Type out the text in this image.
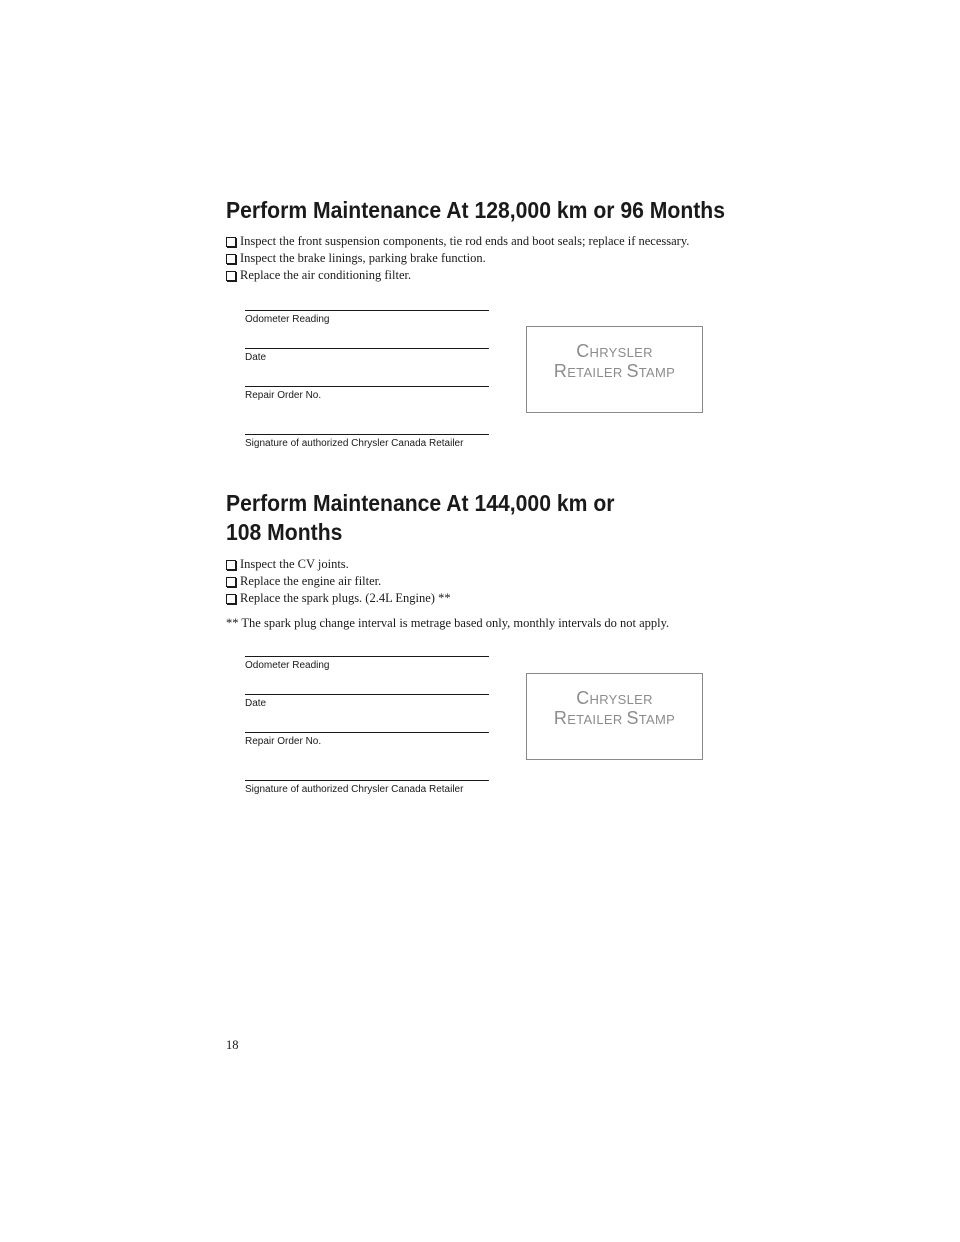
Perform Maintenance At 128,000 km or 96 Months
Inspect the front suspension components, tie rod ends and boot seals; replace if necessary.
Inspect the brake linings, parking brake function.
Replace the air conditioning filter.
Odometer Reading
Date
Repair Order No.
Signature of authorized Chrysler Canada Retailer
CHRYSLER
RETAILER STAMP
Perform Maintenance At 144,000 km or
108 Months
Inspect the CV joints.
Replace the engine air filter.
Replace the spark plugs. (2.4L Engine) **

** The spark plug change interval is metrage based only, monthly intervals do not apply.

Odometer Reading
Date
Repair Order No.
Signature of authorized Chrysler Canada Retailer
CHRYSLER
RETAILER STAMP
18
